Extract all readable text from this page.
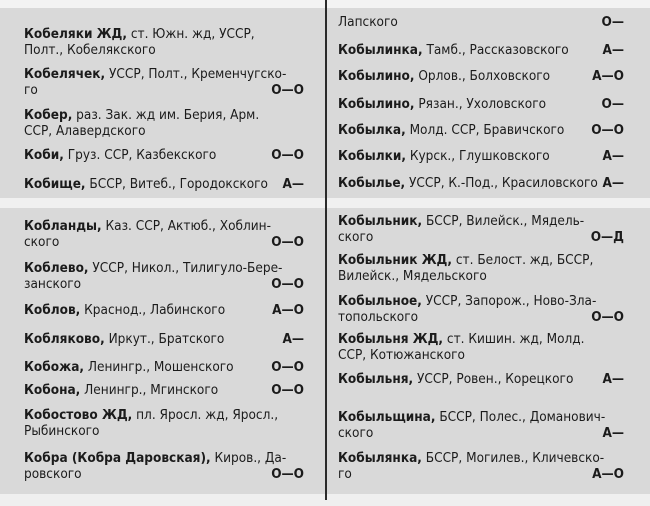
Кобеляки ЖД, ст. Южн. жд, УССР,
Полт., Кобелякского
Кобелячек, УССР, Полт., Кременчугско-
го	О—О
Кобер, раз. Зак. жд им. Берия, Арм.
ССР, Алавердского
Коби, Груз. ССР, Казбекского	О—О
Кобище, БССР, Витеб., Городокского	А—
Кобланды, Каз. ССР, Актюб., Хоблин-
ского	О—О
Коблево, УССР, Никол., Тилигуло-Бере-
занского	О—О
Коблов, Краснод., Лабинского	А—О
Кобляково, Иркут., Братского	А—
Кобожа, Ленингр., Мошенского	О—О
Кобона, Ленингр., Мгинского	О—О
Кобостово ЖД, пл. Яросл. жд, Яросл.,
Рыбинского
Кобра (Кобра Даровская), Киров., Да-
ровского	О—О
Лапского	О—
Кобылинка, Тамб., Рассказовского	А—
Кобылино, Орлов., Болховского	А—О
Кобылино, Рязан., Ухоловского	О—
Кобылка, Молд. ССР, Бравичского	О—О
Кобылки, Курск., Глушковского	А—
Кобылье, УССР, К.-Под., Красиловского А—
Кобыльник, БССР, Вилейск., Мядель-
ского	О—Д
Кобыльник ЖД, ст. Белост. жд, БССР,
Вилейск., Мядельского
Кобыльное, УССР, Запорож., Ново-Зла-
топольского	О—О
Кобыльня ЖД, ст. Кишин. жд, Молд.
ССР, Котюжанского
Кобыльня, УССР, Ровен., Корецкого	А—
Кобыльщина, БССР, Полес., Доманович-
ского	А—
Кобылянка, БССР, Могилев., Кличевско-
го	А—О
